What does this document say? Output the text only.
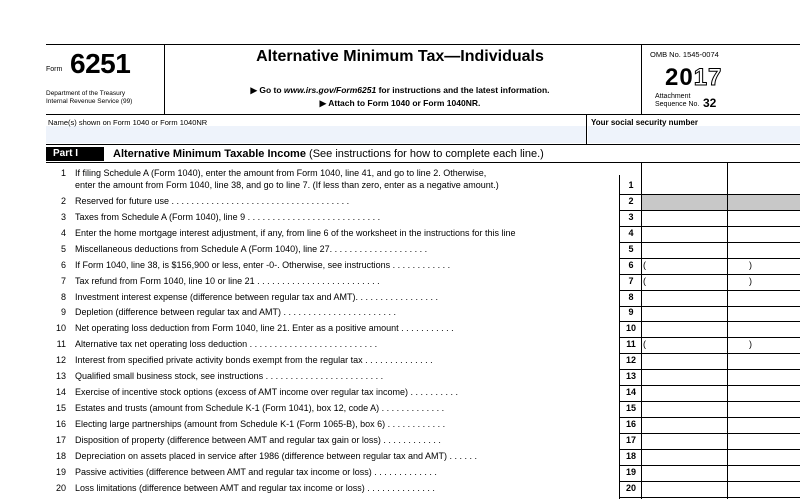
Form 6251
Department of the Treasury
Internal Revenue Service (99)
Alternative Minimum Tax—Individuals
▶ Go to www.irs.gov/Form6251 for instructions and the latest information.
▶ Attach to Form 1040 or Form 1040NR.
OMB No. 1545-0074
2017
Attachment
Sequence No. 32
Name(s) shown on Form 1040 or Form 1040NR	Your social security number
Part I	Alternative Minimum Taxable Income (See instructions for how to complete each line.)
1 If filing Schedule A (Form 1040), enter the amount from Form 1040, line 41, and go to line 2. Otherwise,
enter the amount from Form 1040, line 38, and go to line 7. (If less than zero, enter as a negative amount.)	1
2 Reserved for future use . . . . . . . . . . . . . . . . . . . . . . . . . . . . . . . . . . . .	2
3 Taxes from Schedule A (Form 1040), line 9 . . . . . . . . . . . . . . . . . . . . . . . . . . .	3
4 Enter the home mortgage interest adjustment, if any, from line 6 of the worksheet in the instructions for this line	4
5 Miscellaneous deductions from Schedule A (Form 1040), line 27. . . . . . . . . . . . . . . . . . . .	5
6 If Form 1040, line 38, is $156,900 or less, enter -0-. Otherwise, see instructions . . . . . . . . . . . .	6	(	)
7 Tax refund from Form 1040, line 10 or line 21 . . . . . . . . . . . . . . . . . . . . . . . . .	7	(	)
8 Investment interest expense (difference between regular tax and AMT). . . . . . . . . . . . . . . . .	8
9 Depletion (difference between regular tax and AMT) . . . . . . . . . . . . . . . . . . . . . . .	9
10 Net operating loss deduction from Form 1040, line 21. Enter as a positive amount . . . . . . . . . . .	10
11 Alternative tax net operating loss deduction . . . . . . . . . . . . . . . . . . . . . . . . . .	11 (	)
12 Interest from specified private activity bonds exempt from the regular tax . . . . . . . . . . . . . .	12
13 Qualified small business stock, see instructions . . . . . . . . . . . . . . . . . . . . . . . .	13
14 Exercise of incentive stock options (excess of AMT income over regular tax income) . . . . . . . . . .	14
15 Estates and trusts (amount from Schedule K-1 (Form 1041), box 12, code A) . . . . . . . . . . . . .	15
16 Electing large partnerships (amount from Schedule K-1 (Form 1065-B), box 6) . . . . . . . . . . . .	16
17 Disposition of property (difference between AMT and regular tax gain or loss) . . . . . . . . . . . .	17
18 Depreciation on assets placed in service after 1986 (difference between regular tax and AMT) . . . . . .	18
19 Passive activities (difference between AMT and regular tax income or loss) . . . . . . . . . . . . .	19
20 Loss limitations (difference between AMT and regular tax income or loss) . . . . . . . . . . . . . .	20
